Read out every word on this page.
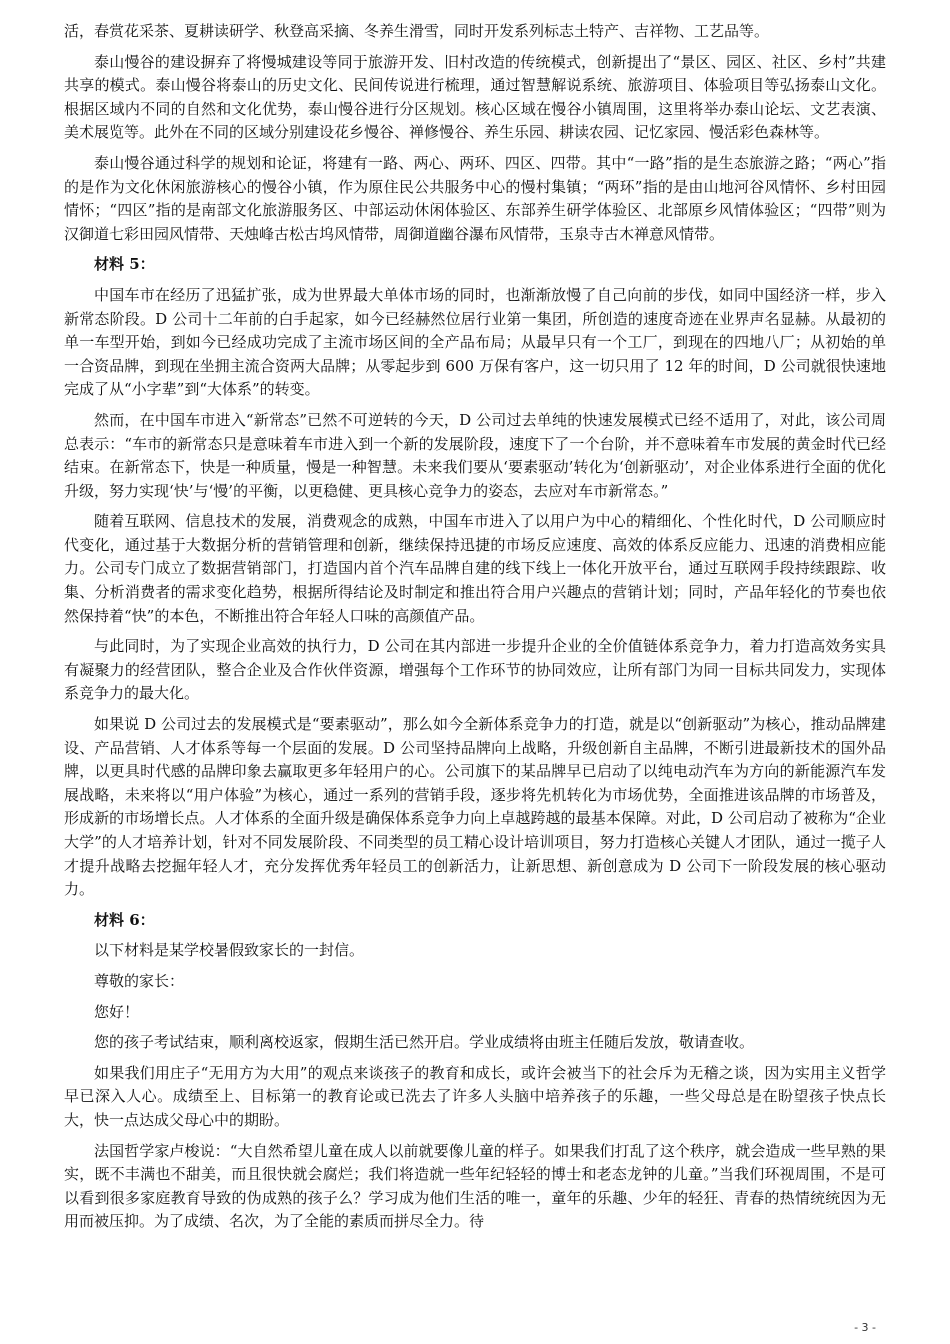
活，春赏花采茶、夏耕读研学、秋登高采摘、冬养生滑雪，同时开发系列标志土特产、吉祥物、工艺品等。

泰山慢谷的建设摒弃了将慢城建设等同于旅游开发、旧村改造的传统模式，创新提出了“景区、园区、社区、乡村”共建共享的模式。泰山慢谷将泰山的历史文化、民间传说进行梳理，通过智慧解说系统、旅游项目、体验项目等弘扬泰山文化。根据区域内不同的自然和文化优势，泰山慢谷进行分区规划。核心区域在慢谷小镇周围，这里将举办泰山论坛、文艺表演、美术展览等。此外在不同的区域分别建设花乡慢谷、禅修慢谷、养生乐园、耕读农园、记忆家园、慢活彩色森林等。

泰山慢谷通过科学的规划和论证，将建有一路、两心、两环、四区、四带。其中“一路”指的是生态旅游之路；“两心”指的是作为文化休闲旅游核心的慢谷小镇，作为原住民公共服务中心的慢村集镇；“两环”指的是由山地河谷风情怀、乡村田园情怀；“四区”指的是南部文化旅游服务区、中部运动休闲体验区、东部养生研学体验区、北部原乡风情体验区；“四带”则为汉御道七彩田园风情带、天烛峰古松古坞风情带，周御道幽谷瀑布风情带，玉泉寺古木禅意风情带。

材料 5：

中国车市在经历了迅猛扩张，成为世界最大单体市场的同时，也渐渐放慢了自己向前的步伐，如同中国经济一样，步入新常态阶段。D 公司十二年前的白手起家，如今已经赫然位居行业第一集团，所创造的速度奇迹在业界声名显赫。从最初的单一车型开始，到如今已经成功完成了主流市场区间的全产品布局；从最早只有一个工厂，到现在的四地八厂；从初始的单一合资品牌，到现在坐拥主流合资两大品牌；从零起步到 600 万保有客户，这一切只用了 12 年的时间，D 公司就很快速地完成了从“小字辈”到“大体系”的转变。

然而，在中国车市进入“新常态”已然不可逆转的今天，D 公司过去单纯的快速发展模式已经不适用了，对此，该公司周总表示：“车市的新常态只是意味着车市进入到一个新的发展阶段，速度下了一个台阶，并不意味着车市发展的黄金时代已经结束。在新常态下，快是一种质量，慢是一种智慧。未来我们要从‘要素驱动’转化为‘创新驱动’，对企业体系进行全面的优化升级，努力实现‘快’与‘慢’的平衡，以更稳健、更具核心竞争力的姿态，去应对车市新常态。”

随着互联网、信息技术的发展，消费观念的成熟，中国车市进入了以用户为中心的精细化、个性化时代，D 公司顺应时代变化，通过基于大数据分析的营销管理和创新，继续保持迅捷的市场反应速度、高效的体系反应能力、迅速的消费相应能力。公司专门成立了数据营销部门，打造国内首个汽车品牌自建的线下线上一体化开放平台，通过互联网手段持续跟踪、收集、分析消费者的需求变化趋势，根据所得结论及时制定和推出符合用户兴趣点的营销计划；同时，产品年轻化的节奏也依然保持着“快”的本色，不断推出符合年轻人口味的高颜值产品。

与此同时，为了实现企业高效的执行力，D 公司在其内部进一步提升企业的全价值链体系竞争力，着力打造高效务实具有凝聚力的经营团队，整合企业及合作伙伴资源，增强每个工作环节的协同效应，让所有部门为同一目标共同发力，实现体系竞争力的最大化。

如果说 D 公司过去的发展模式是“要素驱动”，那么如今全新体系竞争力的打造，就是以“创新驱动”为核心，推动品牌建设、产品营销、人才体系等每一个层面的发展。D 公司坚持品牌向上战略，升级创新自主品牌，不断引进最新技术的国外品牌，以更具时代感的品牌印象去赢取更多年轻用户的心。公司旗下的某品牌早已启动了以纯电动汽车为方向的新能源汽车发展战略，未来将以“用户体验”为核心，通过一系列的营销手段，逐步将先机转化为市场优势，全面推进该品牌的市场普及，形成新的市场增长点。人才体系的全面升级是确保体系竞争力向上卓越跨越的最基本保障。对此，D 公司启动了被称为“企业大学”的人才培养计划，针对不同发展阶段、不同类型的员工精心设计培训项目，努力打造核心关键人才团队，通过一揽子人才提升战略去挖掘年轻人才，充分发挥优秀年轻员工的创新活力，让新思想、新创意成为 D 公司下一阶段发展的核心驱动力。

材料 6：

以下材料是某学校暑假致家长的一封信。

尊敬的家长：

您好！

您的孩子考试结束，顺利离校返家，假期生活已然开启。学业成绩将由班主任随后发放，敬请查收。

如果我们用庄子“无用方为大用”的观点来谈孩子的教育和成长，或许会被当下的社会斥为无稽之谈，因为实用主义哲学早已深入人心。成绩至上、目标第一的教育论或已洗去了许多人头脑中培养孩子的乐趣，一些父母总是在盼望孩子快点长大，快一点达成父母心中的期盼。

法国哲学家卢梭说：“大自然希望儿童在成人以前就要像儿童的样子。如果我们打乱了这个秩序，就会造成一些早熟的果实，既不丰满也不甜美，而且很快就会腐烂；我们将造就一些年纪轻轻的博士和老态龙钟的儿童。”当我们环视周围，不是可以看到很多家庭教育导致的伪成熟的孩子么？学习成为他们生活的唯一，童年的乐趣、少年的轻狂、青春的热情统统因为无用而被压抑。为了成绩、名次，为了全能的素质而拼尽全力。待

- 3 -
